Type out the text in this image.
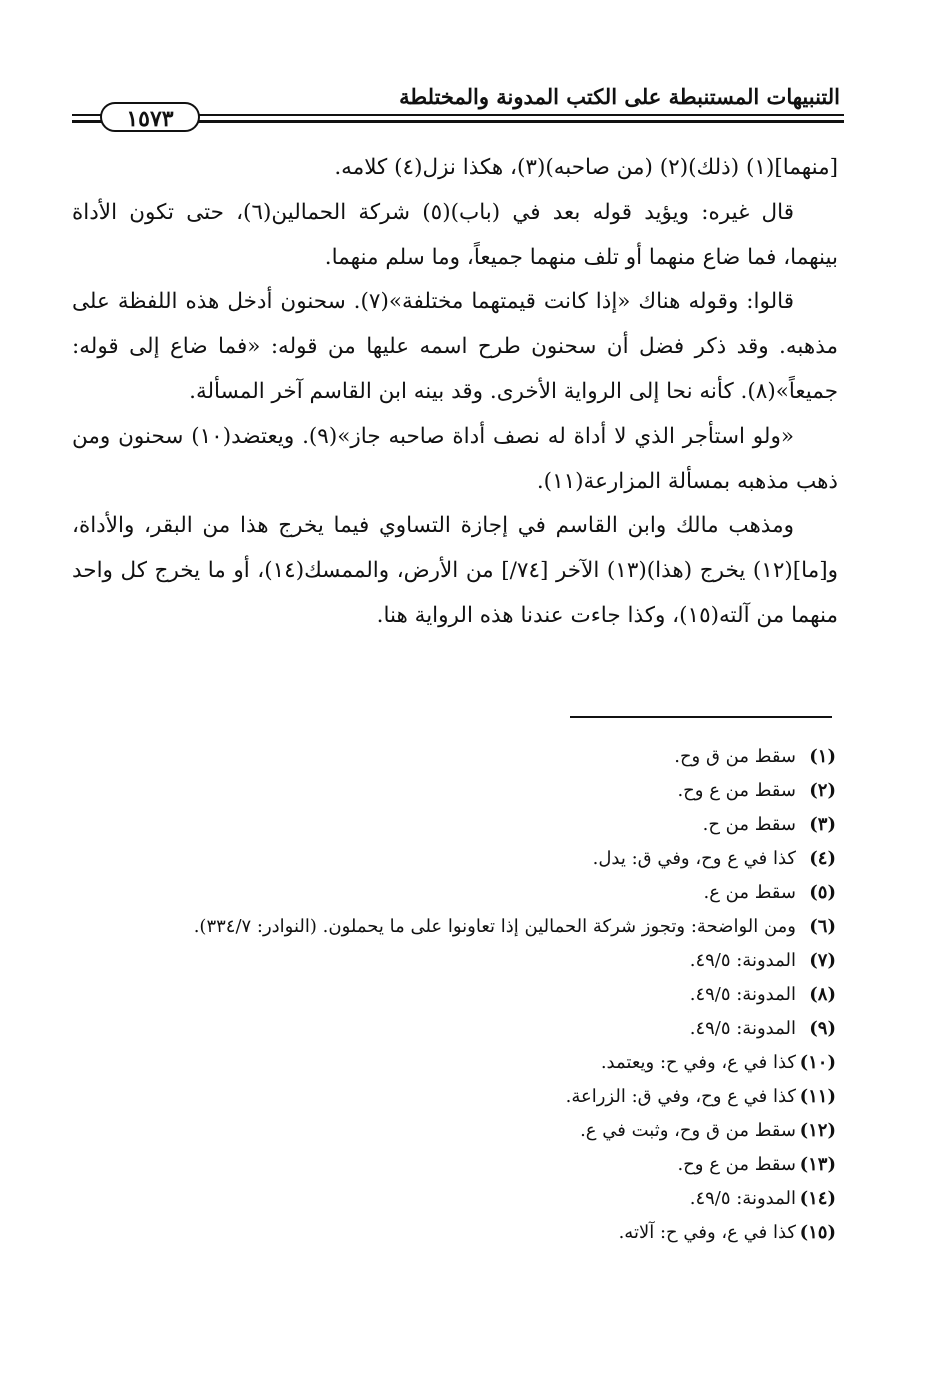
التنبيهات المستنبطة على الكتب المدونة والمختلطة
١٥٧٣

[منهما](١) (ذلك)(٢) (من صاحبه)(٣)، هكذا نزل(٤) كلامه.

قال غيره: ويؤيد قوله بعد في (باب)(٥) شركة الحمالين(٦)، حتى تكون الأداة بينهما، فما ضاع منهما أو تلف منهما جميعاً، وما سلم منهما.

قالوا: وقوله هناك «إذا كانت قيمتهما مختلفة»(٧). سحنون أدخل هذه اللفظة على مذهبه. وقد ذكر فضل أن سحنون طرح اسمه عليها من قوله: «فما ضاع إلى قوله: جميعاً»(٨). كأنه نحا إلى الرواية الأخرى. وقد بينه ابن القاسم آخر المسألة.

«ولو استأجر الذي لا أداة له نصف أداة صاحبه جاز»(٩). ويعتضد(١٠) سحنون ومن ذهب مذهبه بمسألة المزارعة(١١).

ومذهب مالك وابن القاسم في إجازة التساوي فيما يخرج هذا من البقر، والأداة، و[ما](١٢) يخرج (هذا)(١٣) الآخر [٧٤/] من الأرض، والممسك(١٤)، أو ما يخرج كل واحد منهما من آلته(١٥)، وكذا جاءت عندنا هذه الرواية هنا.

(١)سقط من ق وح.

(٢)سقط من ع وح.

(٣)سقط من ح.

(٤)كذا في ع وح، وفي ق: يدل.

(٥)سقط من ع.

(٦)ومن الواضحة: وتجوز شركة الحمالين إذا تعاونوا على ما يحملون. (النوادر: ٣٣٤/٧).

(٧)المدونة: ٤٩/٥.

(٨)المدونة: ٤٩/٥.

(٩)المدونة: ٤٩/٥.

(١٠)كذا في ع، وفي ح: ويعتمد.

(١١)كذا في ع وح، وفي ق: الزراعة.

(١٢)سقط من ق وح، وثبت في ع.

(١٣)سقط من ع وح.

(١٤)المدونة: ٤٩/٥.

(١٥)كذا في ع، وفي ح: آلاته.
